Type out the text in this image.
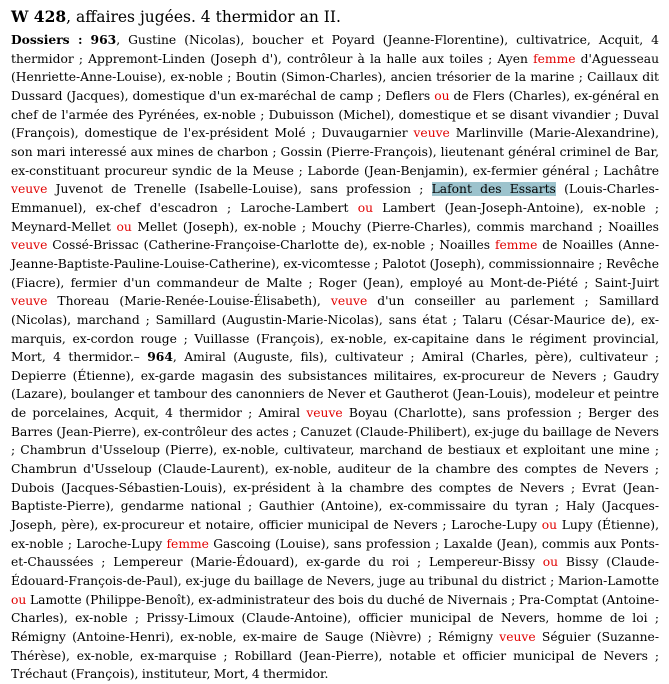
W 428, affaires jugées. 4 thermidor an II.
Dossiers : 963, Gustine (Nicolas), boucher et Poyard (Jeanne-Florentine), cultivatrice, Acquit, 4 thermidor ; Appremont-Linden (Joseph d'), contrôleur à la halle aux toiles ; Ayen femme d'Aguesseau (Henriette-Anne-Louise), ex-noble ; Boutin (Simon-Charles), ancien trésorier de la marine ; Caillaux dit Dussard (Jacques), domestique d'un ex-maréchal de camp ; Deflers ou de Flers (Charles), ex-général en chef de l'armée des Pyrénées, ex-noble ; Dubuisson (Michel), domestique et se disant vivandier ; Duval (François), domestique de l'ex-président Molé ; Duvaugarnier veuve Marlinville (Marie-Alexandrine), son mari interessé aux mines de charbon ; Gossin (Pierre-François), lieutenant général criminel de Bar, ex-constituant procureur syndic de la Meuse ; Laborde (Jean-Benjamin), ex-fermier général ; Lachâtre veuve Juvenot de Trenelle (Isabelle-Louise), sans profession ; Lafont des Essarts (Louis-Charles-Emmanuel), ex-chef d'escadron ; Laroche-Lambert ou Lambert (Jean-Joseph-Antoine), ex-noble ; Meynard-Mellet ou Mellet (Joseph), ex-noble ; Mouchy (Pierre-Charles), commis marchand ; Noailles veuve Cossé-Brissac (Catherine-Françoise-Charlotte de), ex-noble ; Noailles femme de Noailles (Anne-Jeanne-Baptiste-Pauline-Louise-Catherine), ex-vicomtesse ; Palotot (Joseph), commissionnaire ; Revêche (Fiacre), fermier d'un commandeur de Malte ; Roger (Jean), employé au Mont-de-Piété ; Saint-Juirt veuve Thoreau (Marie-Renée-Louise-Élisabeth), veuve d'un conseiller au parlement ; Samillard (Nicolas), marchand ; Samillard (Augustin-Marie-Nicolas), sans état ; Talaru (César-Maurice de), ex-marquis, ex-cordon rouge ; Vuillasse (François), ex-noble, ex-capitaine dans le régiment provincial, Mort, 4 thermidor.– 964, Amiral (Auguste, fils), cultivateur ; Amiral (Charles, père), cultivateur ; Depierre (Étienne), ex-garde magasin des subsistances militaires, ex-procureur de Nevers ; Gaudry (Lazare), boulanger et tambour des canonniers de Never et Gautherot (Jean-Louis), modeleur et peintre de porcelaines, Acquit, 4 thermidor ; Amiral veuve Boyau (Charlotte), sans profession ; Berger des Barres (Jean-Pierre), ex-contrôleur des actes ; Canuzet (Claude-Philibert), ex-juge du baillage de Nevers ; Chambrun d'Usseloup (Pierre), ex-noble, cultivateur, marchand de bestiaux et exploitant une mine ; Chambrun d'Usseloup (Claude-Laurent), ex-noble, auditeur de la chambre des comptes de Nevers ; Dubois (Jacques-Sébastien-Louis), ex-président à la chambre des comptes de Nevers ; Evrat (Jean-Baptiste-Pierre), gendarme national ; Gauthier (Antoine), ex-commissaire du tyran ; Haly (Jacques-Joseph, père), ex-procureur et notaire, officier municipal de Nevers ; Laroche-Lupy ou Lupy (Étienne), ex-noble ; Laroche-Lupy femme Gascoing (Louise), sans profession ; Laxalde (Jean), commis aux Ponts-et-Chaussées ; Lempereur (Marie-Édouard), ex-garde du roi ; Lempereur-Bissy ou Bissy (Claude-Édouard-François-de-Paul), ex-juge du baillage de Nevers, juge au tribunal du district ; Marion-Lamotte ou Lamotte (Philippe-Benoît), ex-administrateur des bois du duché de Nivernais ; Pra-Comptat (Antoine-Charles), ex-noble ; Prissy-Limoux (Claude-Antoine), officier municipal de Nevers, homme de loi ; Rémigny (Antoine-Henri), ex-noble, ex-maire de Sauge (Nièvre) ; Rémigny veuve Séguier (Suzanne-Thérèse), ex-noble, ex-marquise ; Robillard (Jean-Pierre), notable et officier municipal de Nevers ; Tréchaut (François), instituteur, Mort, 4 thermidor.
